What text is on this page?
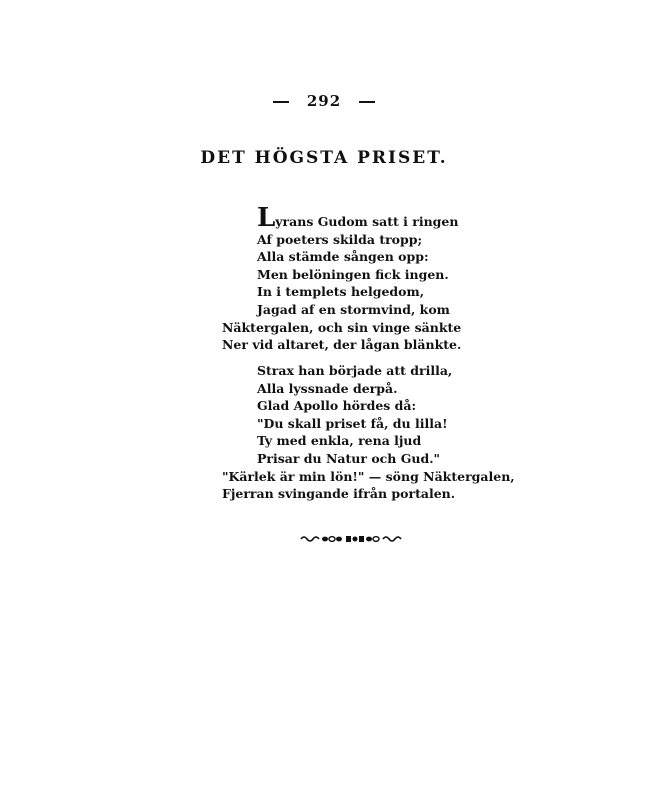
292
DET HÖGSTA PRISET.
Lyrans Gudom satt i ringen
Af poeters skilda tropp;
Alla stämde sången opp:
Men belöningen fick ingen.
In i templets helgedom,
Jagad af en stormvind, kom
Näktergalen, och sin vinge sänkte
Ner vid altaret, der lågan blänkte.
Strax han började att drilla,
Alla lyssnade derpå.
Glad Apollo hördes då:
"Du skall priset få, du lilla!
Ty med enkla, rena ljud
Prisar du Natur och Gud."
"Kärlek är min lön!" — söng Näktergalen,
Fjerran svingande ifrån portalen.
